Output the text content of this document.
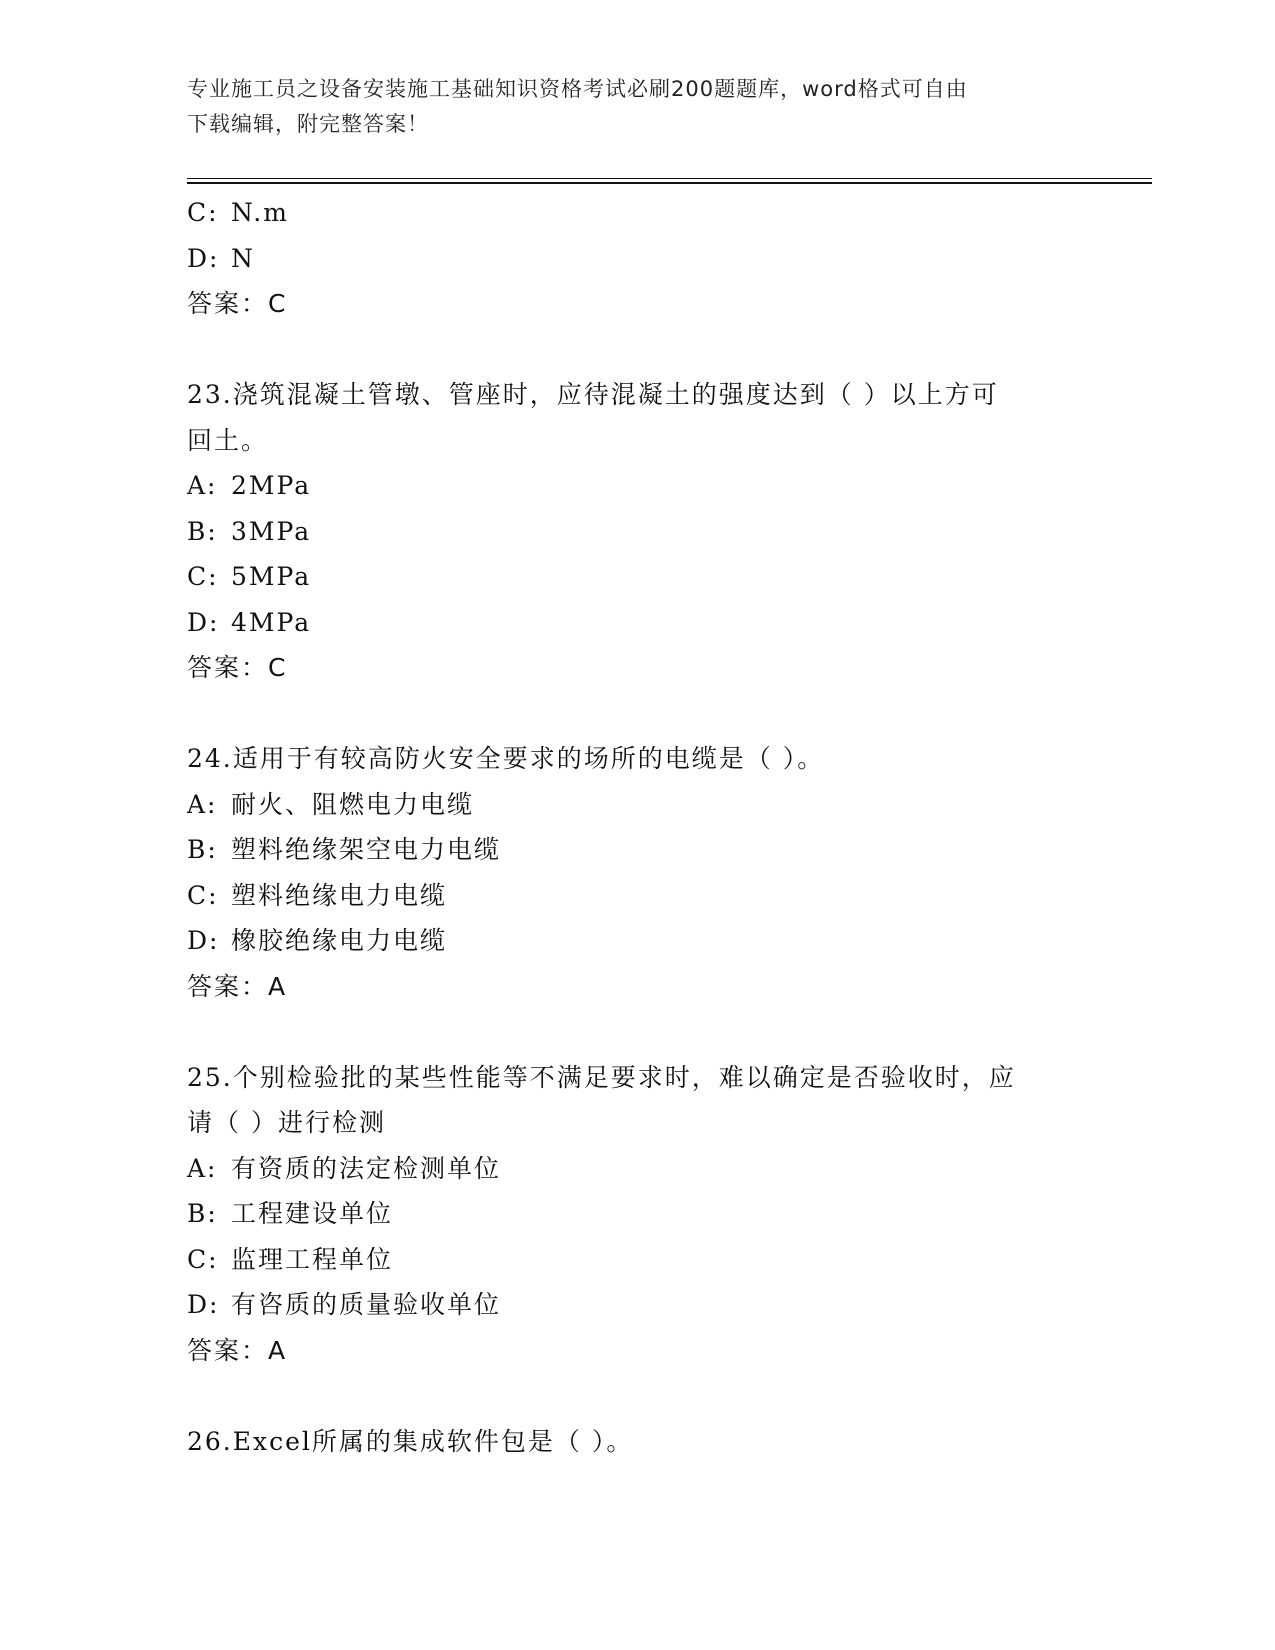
专业施工员之设备安装施工基础知识资格考试必刷200题题库，word格式可自由
下载编辑，附完整答案！
C: N.m
D: N
答案：C
23.浇筑混凝土管墩、管座时，应待混凝土的强度达到（ ）以上方可
回土。
A: 2MPa
B: 3MPa
C: 5MPa
D: 4MPa
答案：C
24.适用于有较高防火安全要求的场所的电缆是（ ）。
A: 耐火、阻燃电力电缆
B: 塑料绝缘架空电力电缆
C: 塑料绝缘电力电缆
D: 橡胶绝缘电力电缆
答案：A
25.个别检验批的某些性能等不满足要求时，难以确定是否验收时，应
请（ ）进行检测
A: 有资质的法定检测单位
B: 工程建设单位
C: 监理工程单位
D: 有咨质的质量验收单位
答案：A
26.Excel所属的集成软件包是（ ）。
